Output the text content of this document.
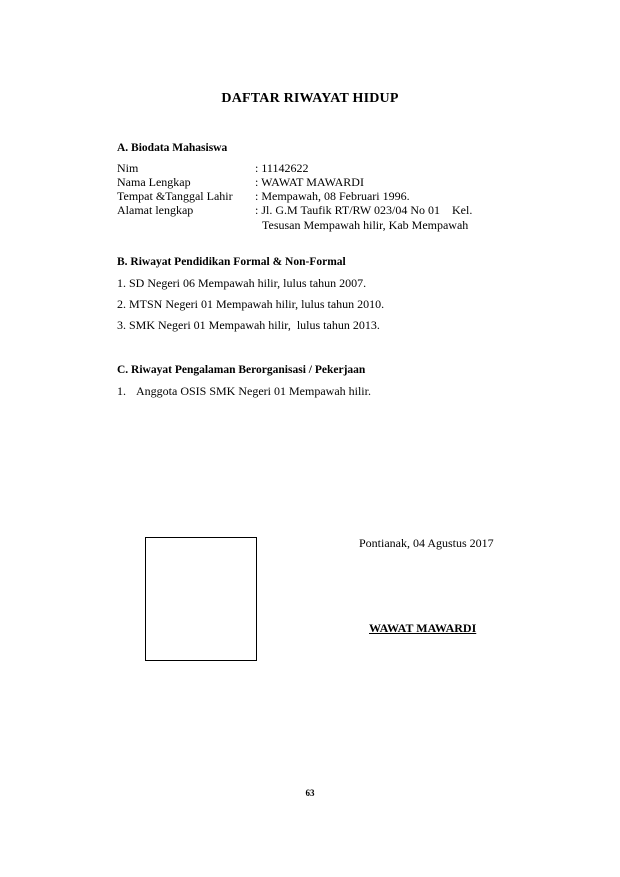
DAFTAR RIWAYAT HIDUP
A. Biodata Mahasiswa
Nim	: 11142622
Nama Lengkap	: WAWAT MAWARDI
Tempat &Tanggal Lahir : Mempawah, 08 Februari 1996.
Alamat lengkap	: Jl. G.M Taufik RT/RW 023/04 No 01    Kel.
Tesusan Mempawah hilir, Kab Mempawah
B. Riwayat Pendidikan Formal & Non-Formal
1. SD Negeri 06 Mempawah hilir, lulus tahun 2007.
2. MTSN Negeri 01 Mempawah hilir, lulus tahun 2010.
3. SMK Negeri 01 Mempawah hilir,  lulus tahun 2013.
C. Riwayat Pengalaman Berorganisasi / Pekerjaan
1. Anggota OSIS SMK Negeri 01 Mempawah hilir.
Pontianak, 04 Agustus 2017
WAWAT MAWARDI
63
